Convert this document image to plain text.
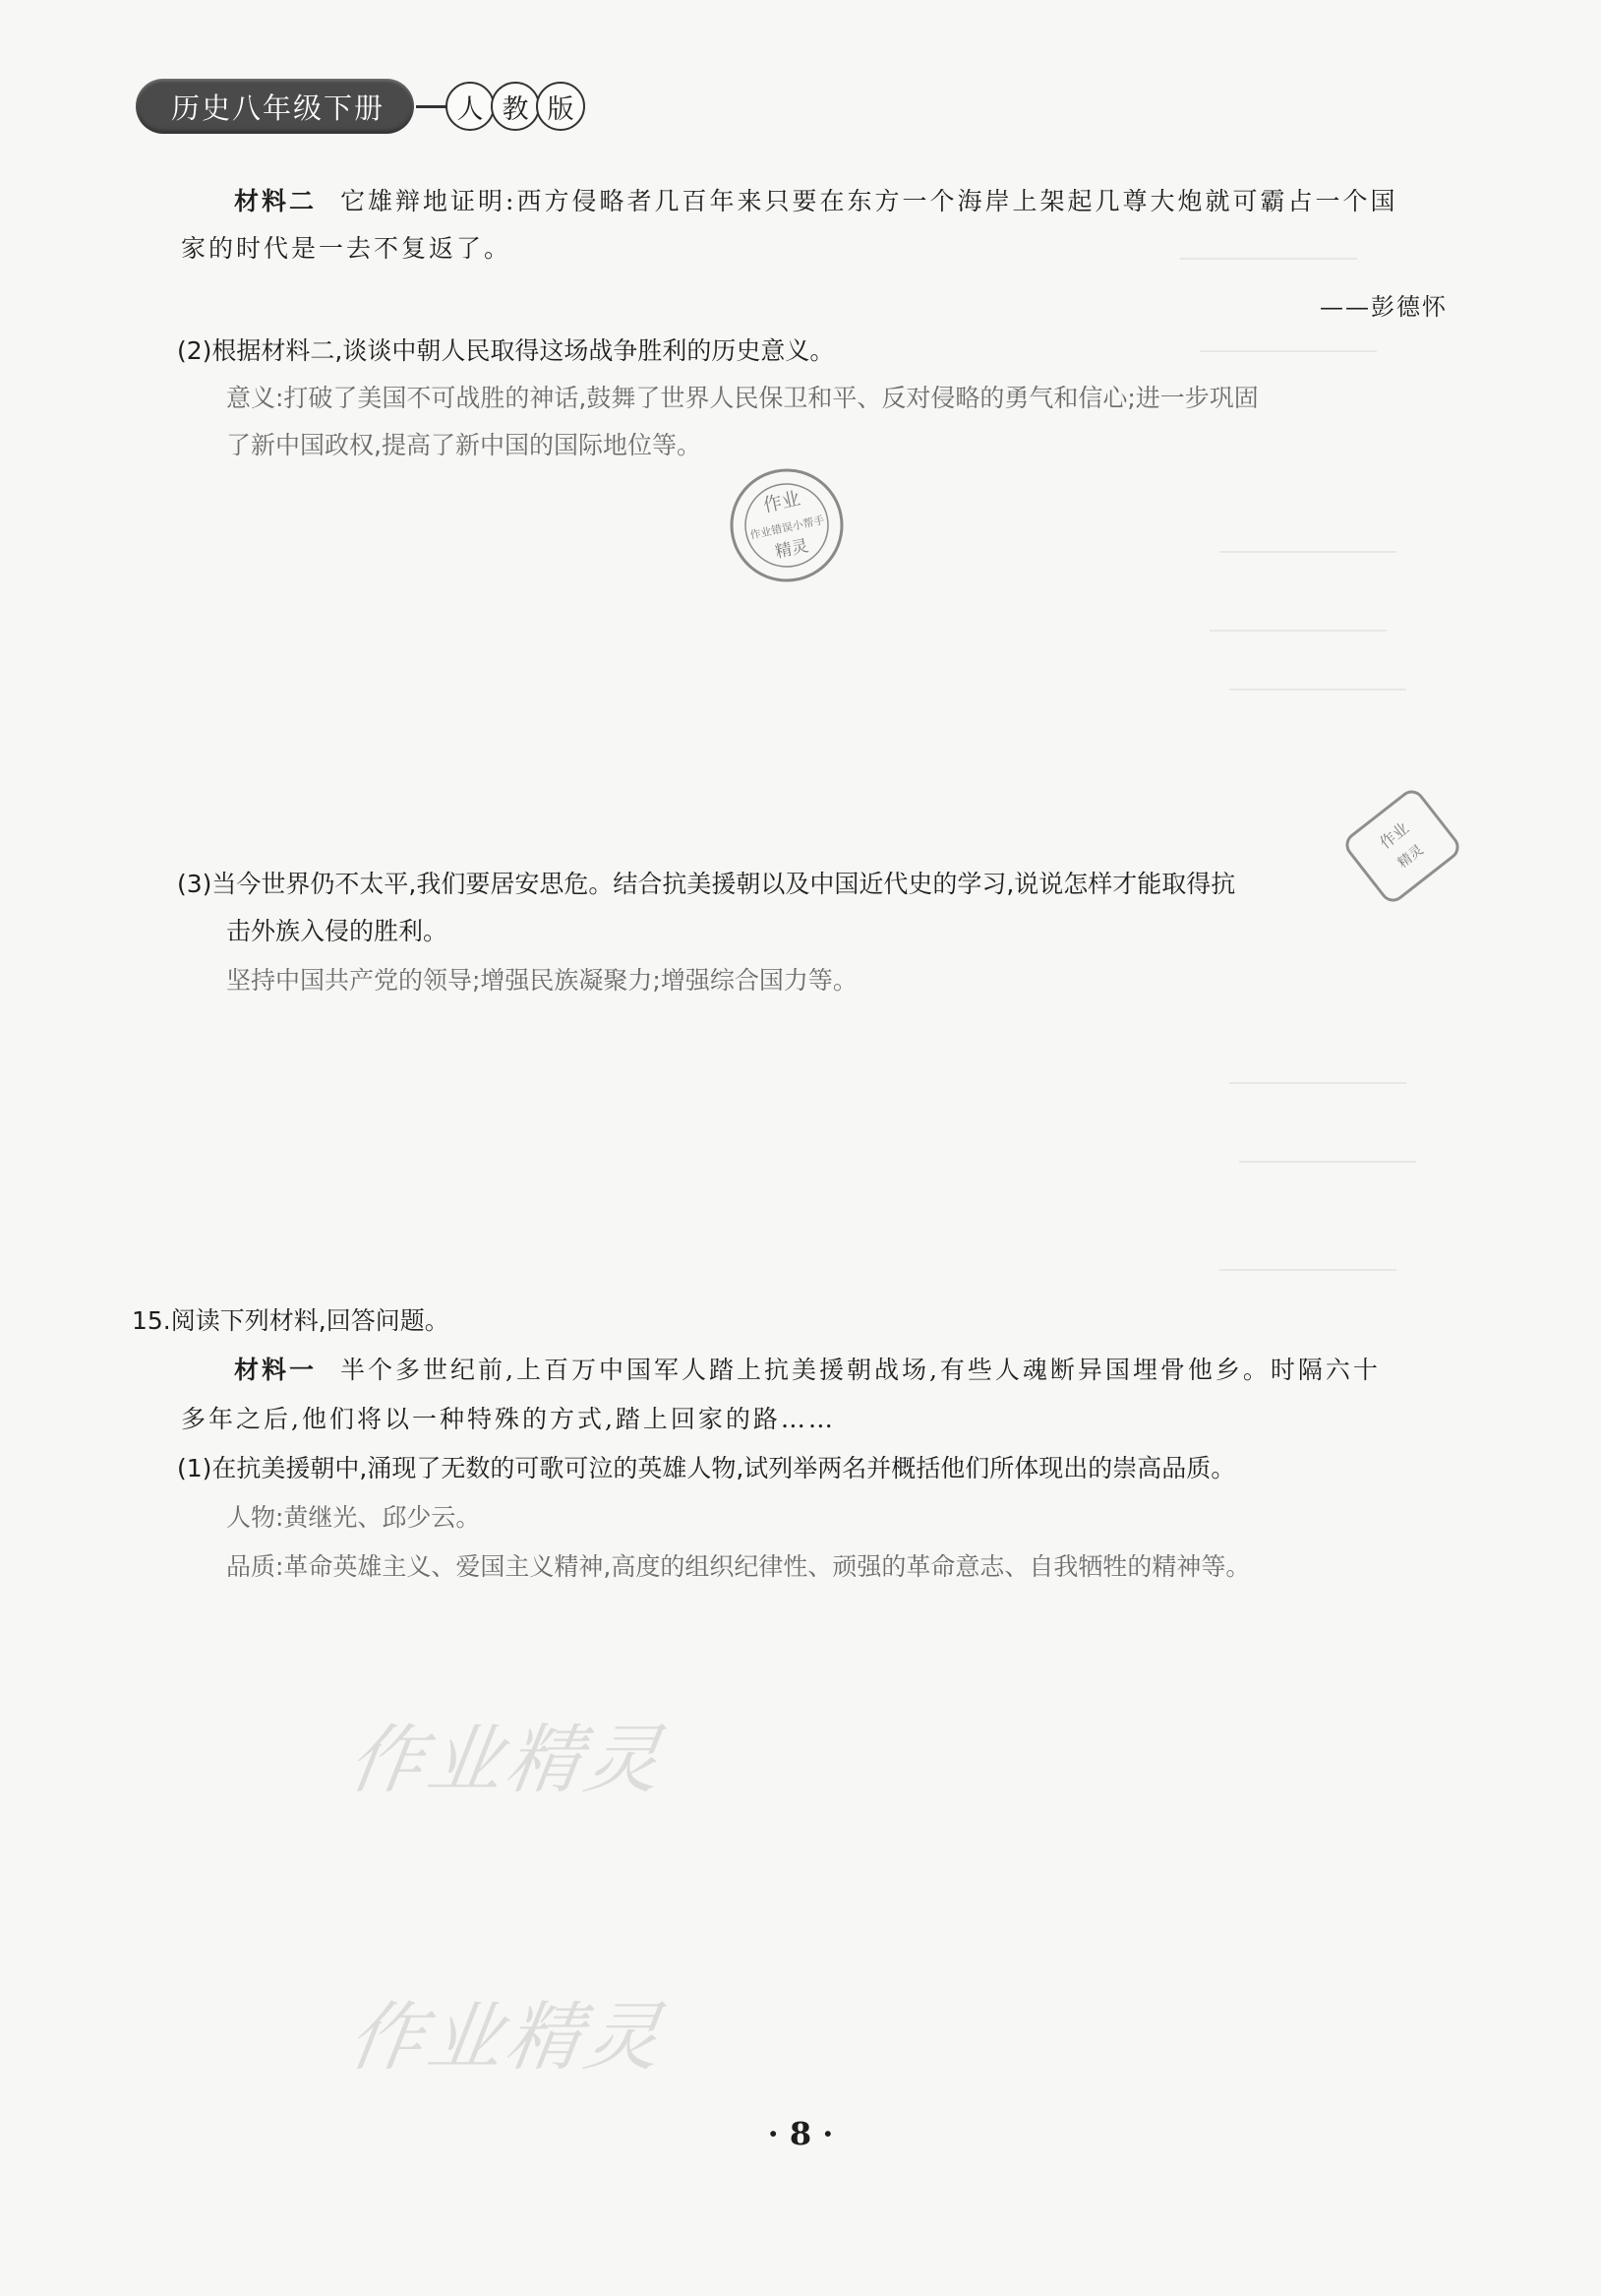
历史八年级下册	人 教 版
材料二 它雄辩地证明:西方侵略者几百年来只要在东方一个海岸上架起几尊大炮就可霸占一个国
家的时代是一去不复返了。
——彭德怀
(2)根据材料二,谈谈中朝人民取得这场战争胜利的历史意义。
意义:打破了美国不可战胜的神话,鼓舞了世界人民保卫和平、反对侵略的勇气和信心;进一步巩固
了新中国政权,提高了新中国的国际地位等。
作业
作业错误小帮手
精灵
作业
精灵
(3)当今世界仍不太平,我们要居安思危。结合抗美援朝以及中国近代史的学习,说说怎样才能取得抗
击外族入侵的胜利。
坚持中国共产党的领导;增强民族凝聚力;增强综合国力等。
15.阅读下列材料,回答问题。
材料一 半个多世纪前,上百万中国军人踏上抗美援朝战场,有些人魂断异国埋骨他乡。时隔六十
多年之后,他们将以一种特殊的方式,踏上回家的路……
(1)在抗美援朝中,涌现了无数的可歌可泣的英雄人物,试列举两名并概括他们所体现出的崇高品质。
人物:黄继光、邱少云。
品质:革命英雄主义、爱国主义精神,高度的组织纪律性、顽强的革命意志、自我牺牲的精神等。
作业精灵
作业精灵
· 8 ·
